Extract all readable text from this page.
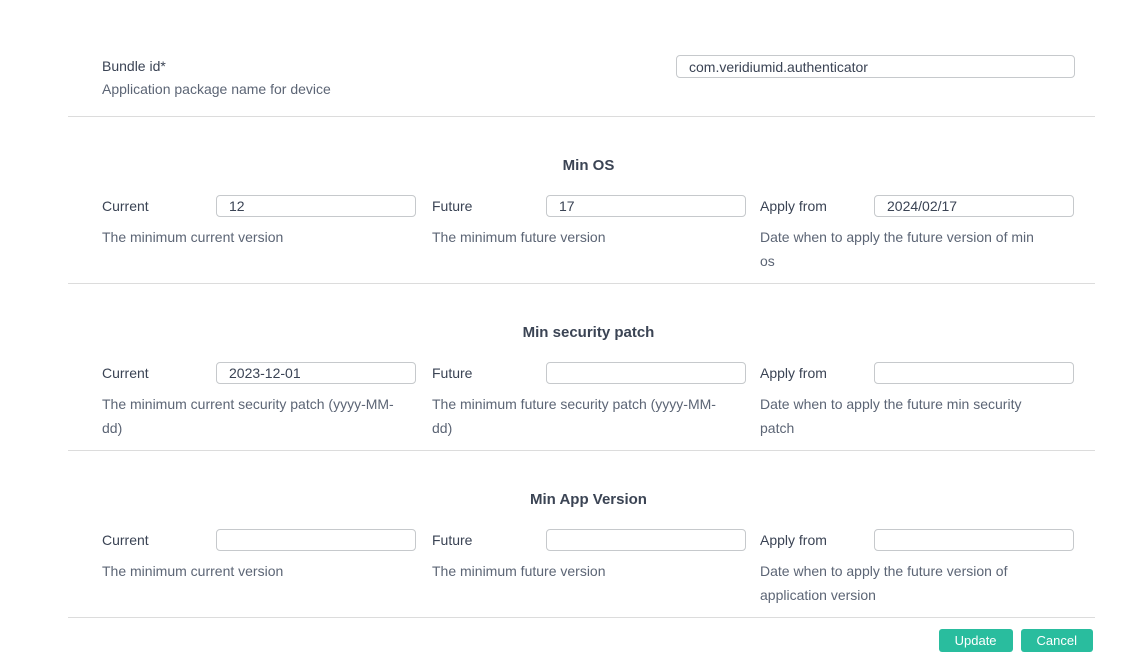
Bundle id*
Application package name for device
com.veridiumid.authenticator
Min OS
Current
12
The minimum current version
Future
17
The minimum future version
Apply from
2024/02/17
Date when to apply the future version of min os
Min security patch
Current
2023-12-01
The minimum current security patch (yyyy-MM-dd)
Future
The minimum future security patch (yyyy-MM-dd)
Apply from
Date when to apply the future min security patch
Min App Version
Current
The minimum current version
Future
The minimum future version
Apply from
Date when to apply the future version of application version
Update	Cancel
